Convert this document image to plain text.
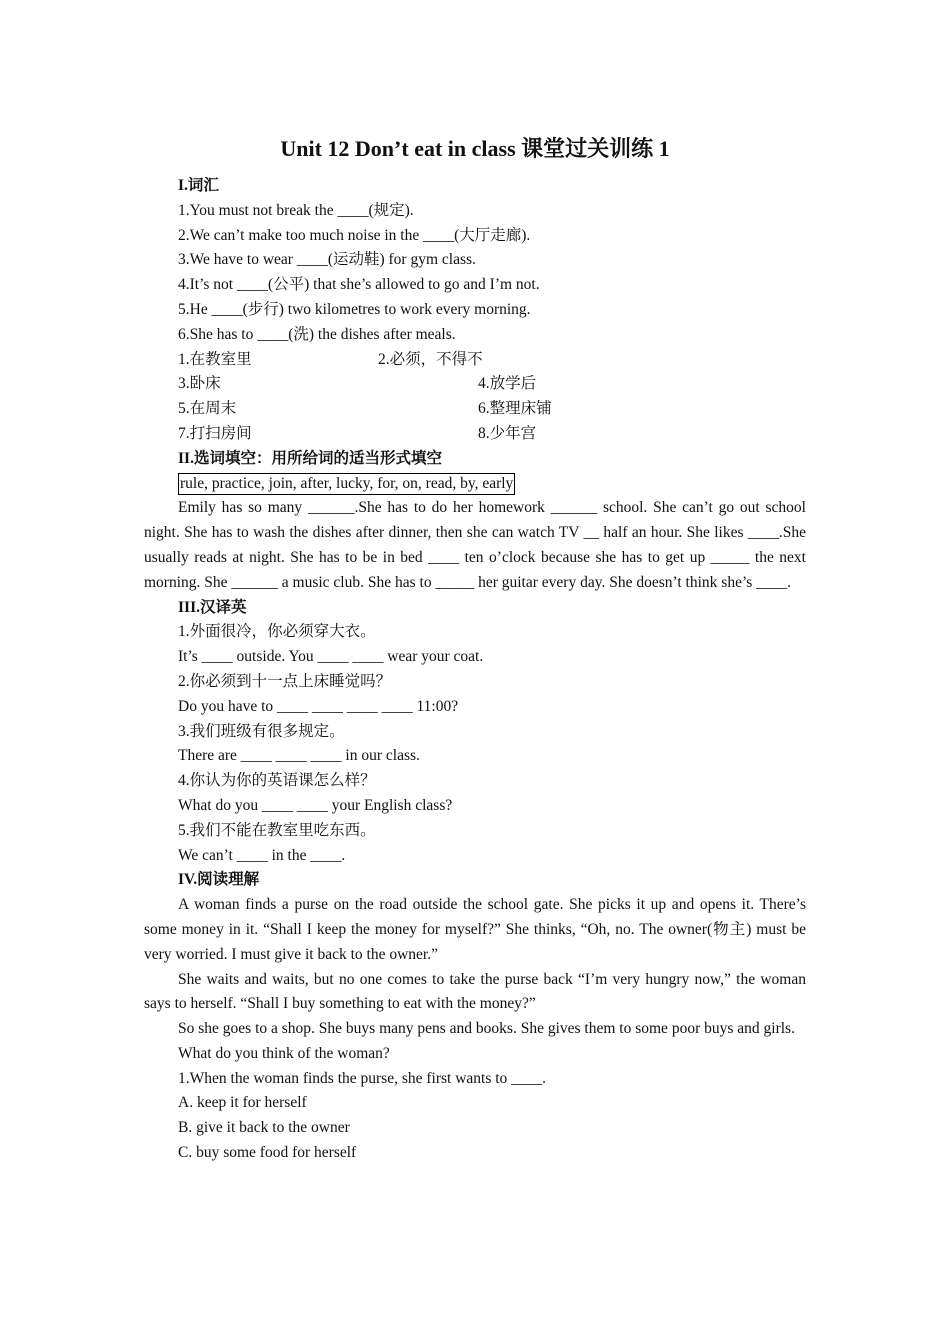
Unit 12 Don’t eat in class 课堂过关训练 1
I.词汇
1.You must not break the ____(规定).
2.We can’t make too much noise in the ____(大厅走廊).
3.We have to wear ____(运动鞋) for gym class.
4.It’s not ____(公平) that she’s allowed to go and I’m not.
5.He ____(步行) two kilometres to work every morning.
6.She has to ____(洗) the dishes after meals.
1.在教室里	2.必须，不得不
3.卧床	4.放学后
5.在周末	6.整理床铺
7.打扫房间	8.少年宫
II.选词填空：用所给词的适当形式填空
rule, practice, join, after, lucky, for, on, read, by, early

Emily has so many ______.She has to do her homework ______ school. She can’t go out school night. She has to wash the dishes after dinner, then she can watch TV __ half an hour. She likes ____.She usually reads at night. She has to be in bed ____ ten o’clock because she has to get up _____ the next morning. She ______ a music club. She has to _____ her guitar every day. She doesn’t think she’s ____.

III.汉译英
1.外面很冷，你必须穿大衣。
It’s ____ outside. You ____ ____ wear your coat.
2.你必须到十一点上床睡觉吗？
Do you have to ____ ____ ____ ____ 11:00?
3.我们班级有很多规定。
There are ____ ____ ____ in our class.
4.你认为你的英语课怎么样？
What do you ____ ____ your English class?
5.我们不能在教室里吃东西。
We can’t ____ in the ____.
IV.阅读理解

A woman finds a purse on the road outside the school gate. She picks it up and opens it. There’s some money in it. “Shall I keep the money for myself?” She thinks, “Oh, no. The owner(物主) must be very worried. I must give it back to the owner.”

She waits and waits, but no one comes to take the purse back “I’m very hungry now,” the woman says to herself. “Shall I buy something to eat with the money?”

So she goes to a shop. She buys many pens and books. She gives them to some poor buys and girls.

What do you think of the woman?
1.When the woman finds the purse, she first wants to ____.
A. keep it for herself
B. give it back to the owner
C. buy some food for herself
